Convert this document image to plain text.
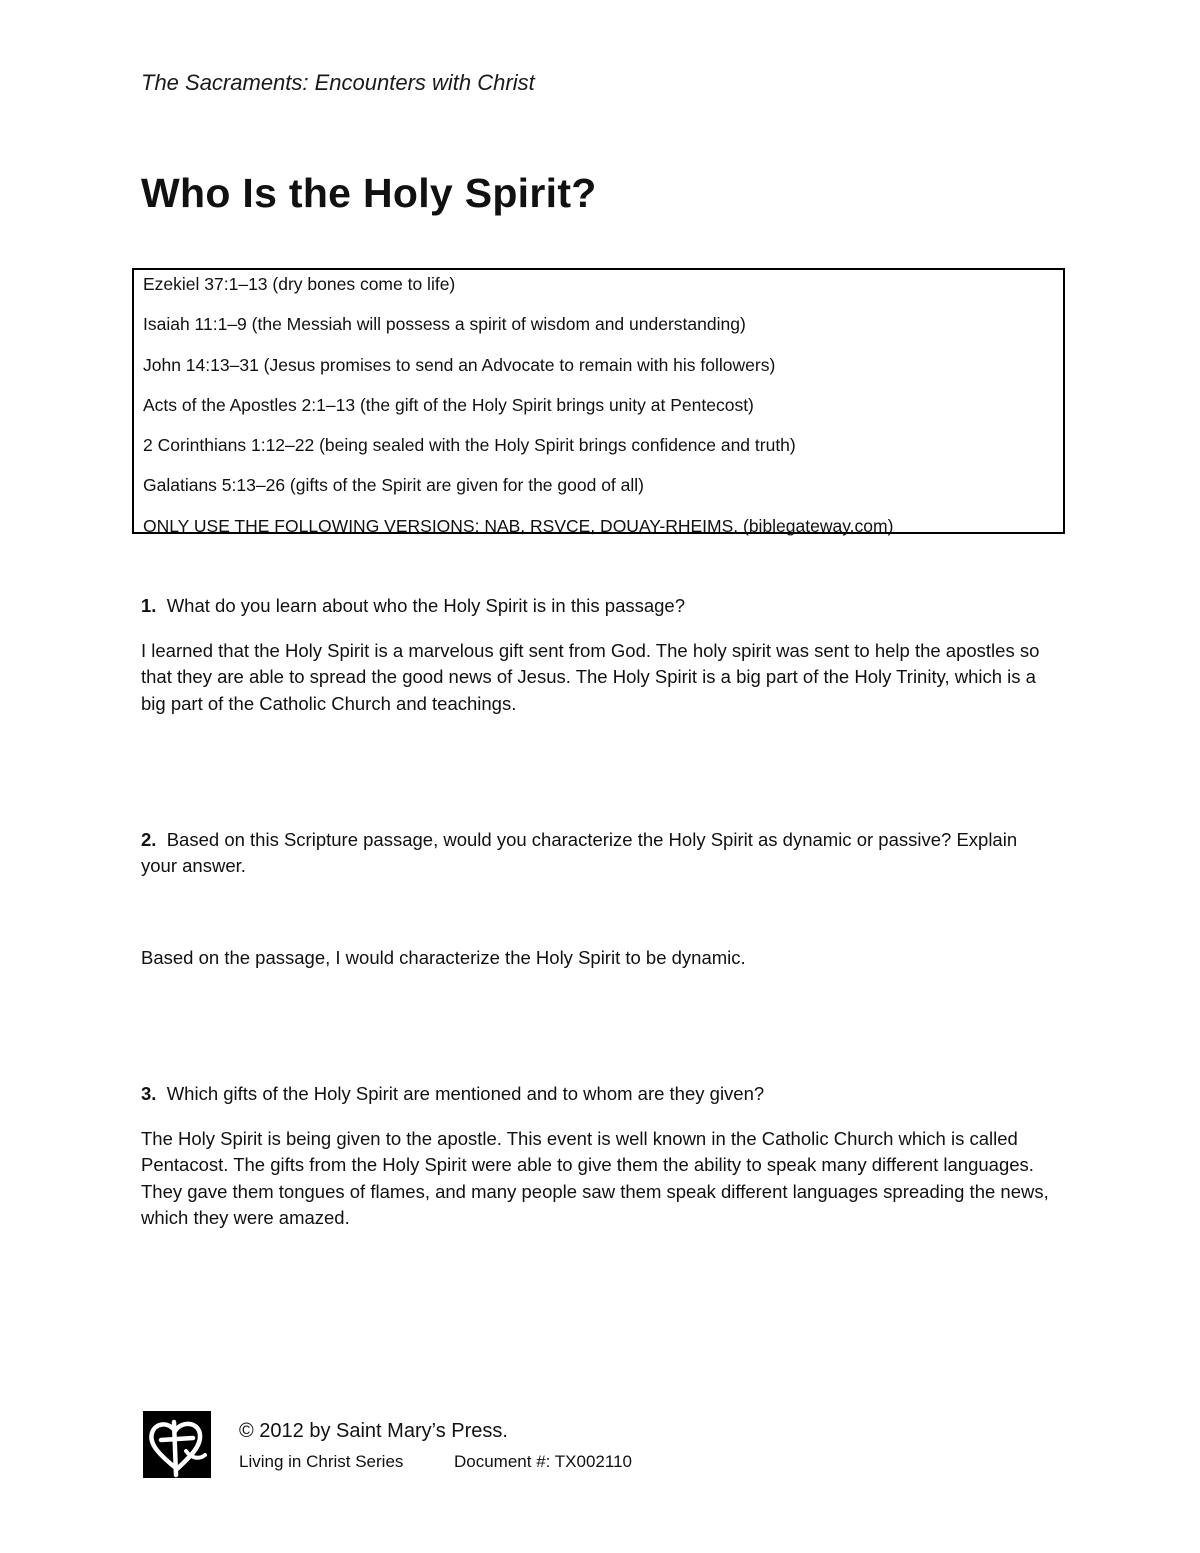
The Sacraments: Encounters with Christ
Who Is the Holy Spirit?
Ezekiel 37:1–13 (dry bones come to life)
Isaiah 11:1–9 (the Messiah will possess a spirit of wisdom and understanding)
John 14:13–31 (Jesus promises to send an Advocate to remain with his followers)
Acts of the Apostles 2:1–13 (the gift of the Holy Spirit brings unity at Pentecost)
2 Corinthians 1:12–22 (being sealed with the Holy Spirit brings confidence and truth)
Galatians 5:13–26 (gifts of the Spirit are given for the good of all)
ONLY USE THE FOLLOWING VERSIONS: NAB, RSVCE, DOUAY-RHEIMS. (biblegateway.com)
1. What do you learn about who the Holy Spirit is in this passage?
I learned that the Holy Spirit is a marvelous gift sent from God. The holy spirit was sent to help the apostles so that they are able to spread the good news of Jesus. The Holy Spirit is a big part of the Holy Trinity, which is a big part of the Catholic Church and teachings.
2. Based on this Scripture passage, would you characterize the Holy Spirit as dynamic or passive? Explain your answer.
Based on the passage, I would characterize the Holy Spirit to be dynamic.
3. Which gifts of the Holy Spirit are mentioned and to whom are they given?
The Holy Spirit is being given to the apostle. This event is well known in the Catholic Church which is called Pentacost. The gifts from the Holy Spirit were able to give them the ability to speak many different languages. They gave them tongues of flames, and many people saw them speak different languages spreading the news, which they were amazed.
© 2012 by Saint Mary’s Press.
Living in Christ Series	Document #: TX002110
